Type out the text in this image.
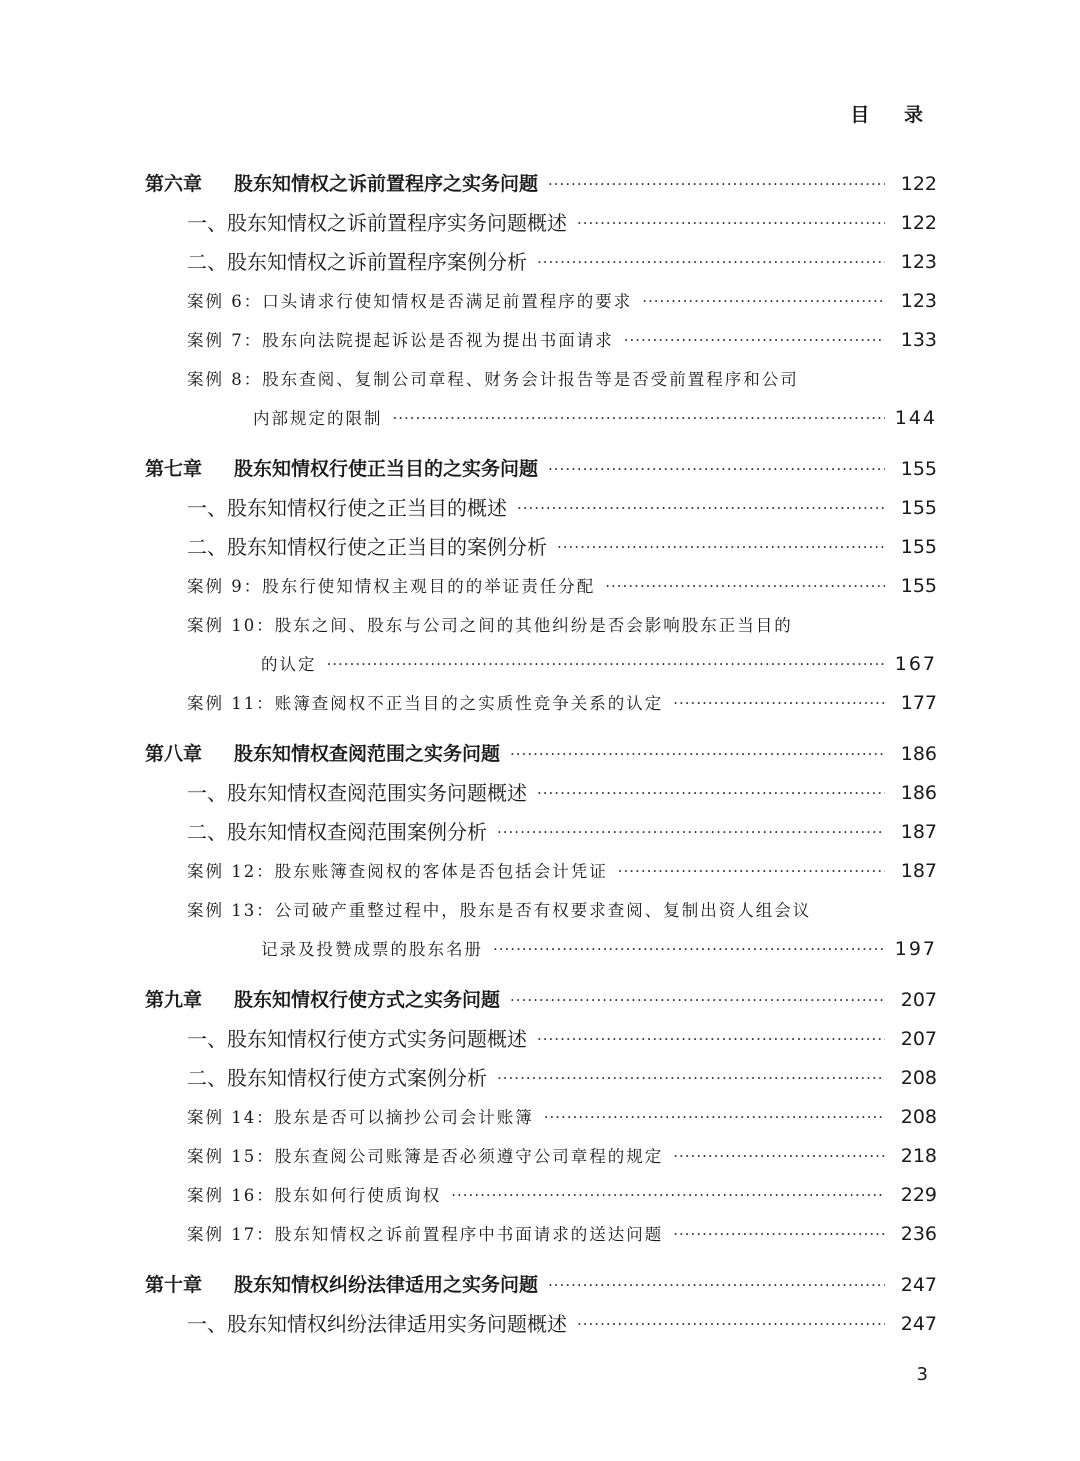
目 录
第六章 股东知情权之诉前置程序之实务问题 ·····	122
一、股东知情权之诉前置程序实务问题概述 ·····	122
二、股东知情权之诉前置程序案例分析 ·····	123
案例 6：口头请求行使知情权是否满足前置程序的要求 ·····	123
案例 7：股东向法院提起诉讼是否视为提出书面请求 ·····	133
案例 8：股东查阅、复制公司章程、财务会计报告等是否受前置程序和公司
内部规定的限制 ·····	144
第七章 股东知情权行使正当目的之实务问题 ·····	155
一、股东知情权行使之正当目的概述 ·····	155
二、股东知情权行使之正当目的案例分析 ·····	155
案例 9：股东行使知情权主观目的的举证责任分配 ·····	155
案例 10：股东之间、股东与公司之间的其他纠纷是否会影响股东正当目的
的认定 ·····	167
案例 11：账簿查阅权不正当目的之实质性竞争关系的认定 ·····	177
第八章 股东知情权查阅范围之实务问题 ·····	186
一、股东知情权查阅范围实务问题概述 ·····	186
二、股东知情权查阅范围案例分析 ·····	187
案例 12：股东账簿查阅权的客体是否包括会计凭证 ·····	187
案例 13：公司破产重整过程中，股东是否有权要求查阅、复制出资人组会议
记录及投赞成票的股东名册 ·····	197
第九章 股东知情权行使方式之实务问题 ·····	207
一、股东知情权行使方式实务问题概述 ·····	207
二、股东知情权行使方式案例分析 ·····	208
案例 14：股东是否可以摘抄公司会计账簿 ·····	208
案例 15：股东查阅公司账簿是否必须遵守公司章程的规定 ·····	218
案例 16：股东如何行使质询权 ·····	229
案例 17：股东知情权之诉前置程序中书面请求的送达问题 ·····	236
第十章 股东知情权纠纷法律适用之实务问题 ·····	247
一、股东知情权纠纷法律适用实务问题概述 ·····	247
3
